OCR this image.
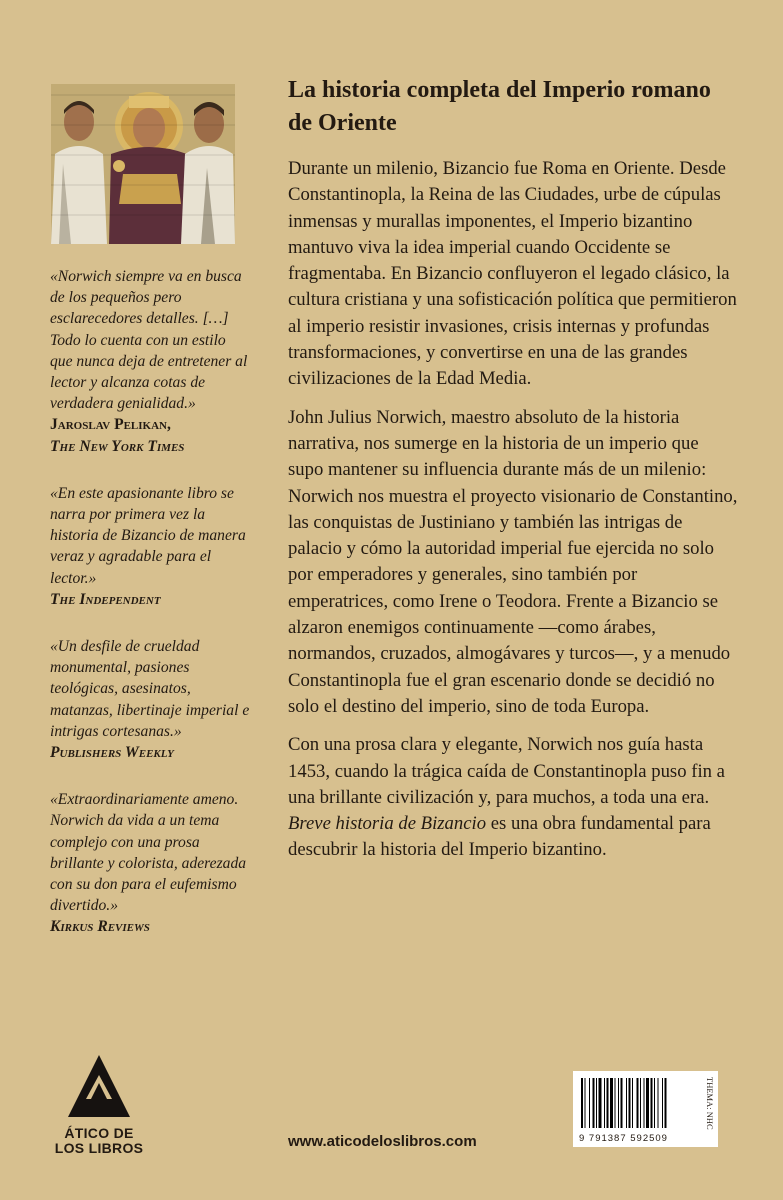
«Norwich siempre va en busca de los pequeños pero esclarecedores detalles. […] Todo lo cuenta con un estilo que nunca deja de entretener al lector y alcanza cotas de verdadera genialidad.»
Jaroslav Pelikan,
The New York Times
«En este apasionante libro se narra por primera vez la historia de Bizancio de manera veraz y agradable para el lector.»
The Independent
«Un desfile de crueldad monumental, pasiones teológicas, asesinatos, matanzas, libertinaje imperial e intrigas cortesanas.»
Publishers Weekly
«Extraordinariamente ameno. Norwich da vida a un tema complejo con una prosa brillante y colorista, aderezada con su don para el eufemismo divertido.»
Kirkus Reviews
La historia completa del Imperio romano de Oriente

Durante un milenio, Bizancio fue Roma en Oriente. Desde Constantinopla, la Reina de las Ciudades, urbe de cúpulas inmensas y murallas imponentes, el Imperio bizantino mantuvo viva la idea imperial cuando Occidente se fragmentaba. En Bizancio confluyeron el legado clásico, la cultura cristiana y una sofisticación política que permitieron al imperio resistir invasiones, crisis internas y profundas transformaciones, y convertirse en una de las grandes civilizaciones de la Edad Media.

John Julius Norwich, maestro absoluto de la historia narrativa, nos sumerge en la historia de un imperio que supo mantener su influencia durante más de un milenio: Norwich nos muestra el proyecto visionario de Constantino, las conquistas de Justiniano y también las intrigas de palacio y cómo la autoridad imperial fue ejercida no solo por emperadores y generales, sino también por emperatrices, como Irene o Teodora. Frente a Bizancio se alzaron enemigos continuamente —como árabes, normandos, cruzados, almogávares y turcos—, y a menudo Constantinopla fue el gran escenario donde se decidió no solo el destino del imperio, sino de toda Europa.

Con una prosa clara y elegante, Norwich nos guía hasta 1453, cuando la trágica caída de Constantinopla puso fin a una brillante civilización y, para muchos, a toda una era. Breve historia de Bizancio es una obra fundamental para descubrir la historia del Imperio bizantino.

ÁTICO DE
LOS LIBROS	www.aticodeloslibros.com	9 791387 592509
THEMA: NHC
